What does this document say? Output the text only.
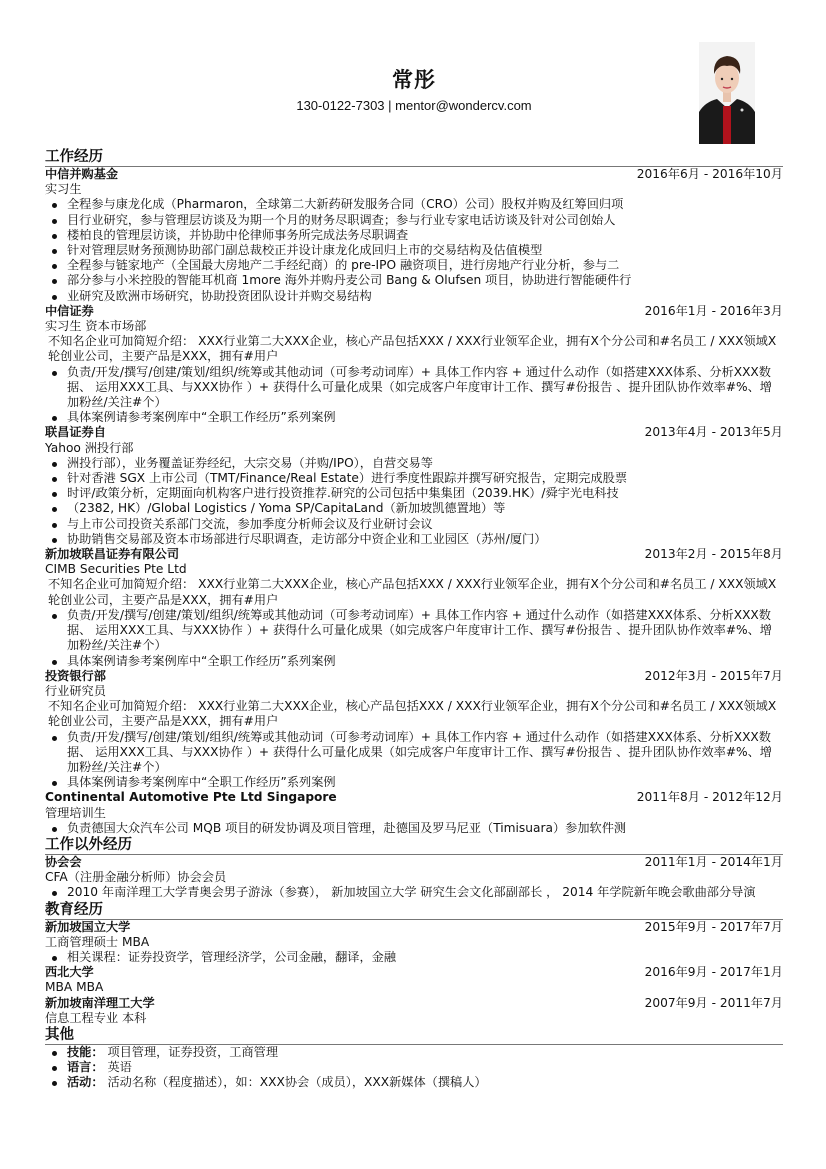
常彤
130-0122-7303 | mentor@wondercv.com
工作经历
中信并购基金	2016年6月 - 2016年10月
实习生
全程参与康龙化成（Pharmaron，全球第二大新药研发服务合同（CRO）公司）股权并购及红筹回归项
目行业研究，参与管理层访谈及为期一个月的财务尽职调查；参与行业专家电话访谈及针对公司创始人
楼柏良的管理层访谈，并协助中伦律师事务所完成法务尽职调查
针对管理层财务预测协助部门副总裁校正并设计康龙化成回归上市的交易结构及估值模型
全程参与链家地产（全国最大房地产二手经纪商）的 pre-IPO 融资项目，进行房地产行业分析，参与二
部分参与小米控股的智能耳机商 1more 海外并购丹麦公司 Bang & Olufsen 项目，协助进行智能硬件行
业研究及欧洲市场研究，协助投资团队设计并购交易结构
中信证券	2016年1月 - 2016年3月
实习生 资本市场部
不知名企业可加简短介绍： XXX行业第二大XXX企业，核心产品包括XXX / XXX行业领军企业，拥有X个分公司和#名员工 / XXX领域X轮创业公司，主要产品是XXX，拥有#用户
负责/开发/撰写/创建/策划/组织/统筹或其他动词（可参考动词库）+ 具体工作内容 + 通过什么动作（如搭建XXX体系、分析XXX数据、 运用XXX工具、与XXX协作 ）+ 获得什么可量化成果（如完成客户年度审计工作、撰写#份报告 、提升团队协作效率#%、增加粉丝/关注#个）
具体案例请参考案例库中“全职工作经历”系列案例
联昌证券自	2013年4月 - 2013年5月
Yahoo 洲投行部
洲投行部），业务覆盖证券经纪，大宗交易（并购/IPO），自营交易等
针对香港 SGX 上市公司（TMT/Finance/Real Estate）进行季度性跟踪并撰写研究报告，定期完成股票
时评/政策分析，定期面向机构客户进行投资推荐.研究的公司包括中集集团（2039.HK）/舜宇光电科技
（2382, HK）/Global Logistics / Yoma SP/CapitaLand（新加坡凯德置地）等
与上市公司投资关系部门交流，参加季度分析师会议及行业研讨会议
协助销售交易部及资本市场部进行尽职调查，走访部分中资企业和工业园区（苏州/厦门）
新加坡联昌证券有限公司	2013年2月 - 2015年8月
CIMB Securities Pte Ltd
不知名企业可加简短介绍： XXX行业第二大XXX企业，核心产品包括XXX / XXX行业领军企业，拥有X个分公司和#名员工 / XXX领域X轮创业公司，主要产品是XXX，拥有#用户
负责/开发/撰写/创建/策划/组织/统筹或其他动词（可参考动词库）+ 具体工作内容 + 通过什么动作（如搭建XXX体系、分析XXX数据、 运用XXX工具、与XXX协作 ）+ 获得什么可量化成果（如完成客户年度审计工作、撰写#份报告 、提升团队协作效率#%、增加粉丝/关注#个）
具体案例请参考案例库中“全职工作经历”系列案例
投资银行部	2012年3月 - 2015年7月
行业研究员
不知名企业可加简短介绍： XXX行业第二大XXX企业，核心产品包括XXX / XXX行业领军企业，拥有X个分公司和#名员工 / XXX领域X轮创业公司，主要产品是XXX，拥有#用户
负责/开发/撰写/创建/策划/组织/统筹或其他动词（可参考动词库）+ 具体工作内容 + 通过什么动作（如搭建XXX体系、分析XXX数据、 运用XXX工具、与XXX协作 ）+ 获得什么可量化成果（如完成客户年度审计工作、撰写#份报告 、提升团队协作效率#%、增加粉丝/关注#个）
具体案例请参考案例库中“全职工作经历”系列案例
Continental Automotive Pte Ltd Singapore	2011年8月 - 2012年12月
管理培训生
负责德国大众汽车公司 MQB 项目的研发协调及项目管理，赴德国及罗马尼亚（Timisuara）参加软件测
工作以外经历
协会会	2011年1月 - 2014年1月
CFA（注册金融分析师）协会会员
2010 年南洋理工大学青奥会男子游泳（参赛）， 新加坡国立大学 研究生会文化部副部长 ， 2014 年学院新年晚会歌曲部分导演
教育经历
新加坡国立大学	2015年9月 - 2017年7月
工商管理硕士 MBA
相关课程：证券投资学，管理经济学，公司金融，翻译，金融
西北大学	2016年9月 - 2017年1月
MBA MBA
新加坡南洋理工大学	2007年9月 - 2011年7月
信息工程专业 本科
其他
技能： 项目管理，证券投资，工商管理
语言： 英语
活动： 活动名称（程度描述），如：XXX协会（成员），XXX新媒体（撰稿人）
